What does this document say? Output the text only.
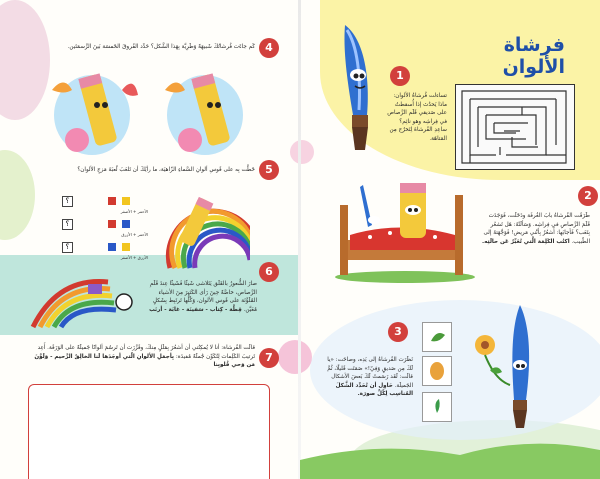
فرشاة الألوان
1
تساءلت فُرشاةُ الألوان: ماذا يَحدُث إذا أُسقطتُ على صَديقي قَلَم الرَّصاص في فِراشِه وهو نائِم؟ ساعِدِ الفُرشاةَ لِتَخرُج مِن المَتاهَة.
2
طَرَقَت الفُرشاةُ بابَ الغُرفَة ودَخَلَت، فَوَجَدَت قَلَمَ الرَّصاصِ في فِراشِه. وَسَألَتْهُ: هَل تَشعُر بِتَعَب؟ فَأجابَها: أَشعُرُ بِأنَّني مَريض! فَوَجَّهَتهُ إلى الطّبيب. اكتُب الكَلِمَة الَّتي تُعَبِّرُ عَن حالَتِه.
3
نَظَرَت الفُرشاةُ إلى يَدِه، وصاحَت: «يا لَكَ مِن صَديقٍ وَفِيّ!» صَمَتَت قَليلًا، ثُمَّ قالَت: لَقَد رَسَمتُ لَكَ بَعضَ الأشكال الجَميلَة. حَاوِل أن تُحَدِّد الشَّكلَ المُناسِب لِكُلِّ صورَة.
4
كَم جاءَت فُرشاتُكَ شَبيهَةً وَطَرِيَّة بِهَذا الشَّكل؟ حَدِّد الفُروقَ الخَمسَة بَينَ الرَّسمَتَين.
5
خَطَّت بِه على قَوسِ ألوانِ السَّماءِ الزّاهيَة، ما رأيُكَ أن تَلعَبَ لُعبَةَ مَزجِ الألوان؟
؟
الأحمر + الأصفر
؟
الأحمر + الأزرق
؟
الأزرق + الأصفر
6
صارَ الشُّعورُ بالقَلَق يَتَلاشى شَيئًا فَشَيئًا عِندَ قَلَمِ الرَّصاص، خاصَّةً حِينَ رَأى الكَثيرَ مِنَ الأشياء المُلَوَّنَة على قَوسِ الألوان، وَكُلُّها تَرتَبِط بِشَكلٍ مُعَيَّن. قِطَّة - كِتاب - سَفينَة - غابَة - أرنَب
7
قالَت الفُرشاة: أنا لا يُمكِنُني أن أشعُرَ بِمَلَلٍ مِنكَ، وقَرَّرَت أن تَرسُمَ ألوانًا جَميلَةً على الوَرَقَة. أَعِد تَرتيبَ الكَلِمات لِتُكَوِّن جُملَةً مُفيدَة: بِأجمَلِ الألوانِ الّتي أوجَدَها لَنا الخالِقُ الرَّحيم - وَلَوَّنَ مَن وَحي قُلوبِنا
